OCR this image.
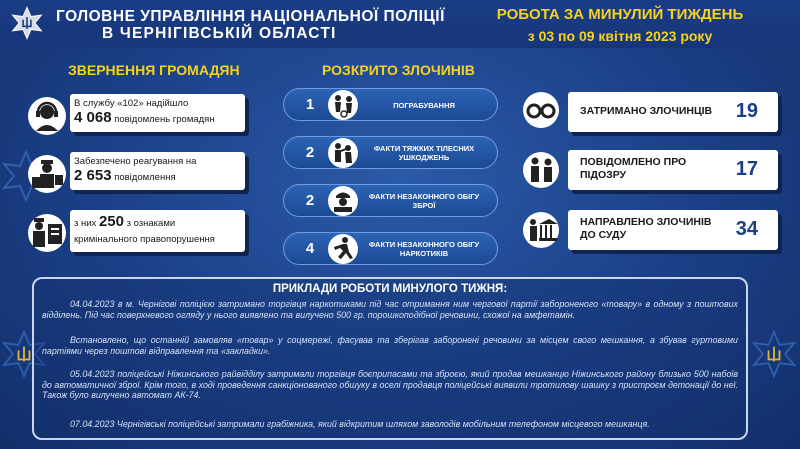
ГОЛОВНЕ УПРАВЛІННЯ НАЦІОНАЛЬНОЇ ПОЛІЦІЇ
В ЧЕРНІГІВСЬКІЙ ОБЛАСТІ
РОБОТА ЗА МИНУЛИЙ ТИЖДЕНЬ
з 03 по 09 квітня 2023 року
ЗВЕРНЕННЯ ГРОМАДЯН	РОЗКРИТО ЗЛОЧИНІВ
В службу «102» надійшло
4 068 повідомлень громадян
Забезпечено реагування на
2 653 повідомлення
з них 250 з ознаками
кримінального правопорушення
1	ПОГРАБУВАННЯ
2	ФАКТИ ТЯЖКИХ ТІЛЕСНИХ УШКОДЖЕНЬ
2	ФАКТИ НЕЗАКОННОГО ОБІГУ ЗБРОЇ
4	ФАКТИ НЕЗАКОННОГО ОБІГУ НАРКОТИКІВ
ЗАТРИМАНО ЗЛОЧИНЦІВ	19
ПОВІДОМЛЕНО ПРО ПІДОЗРУ	17
НАПРАВЛЕНО ЗЛОЧИНІВ ДО СУДУ	34
ПРИКЛАДИ РОБОТИ МИНУЛОГО ТИЖНЯ:
04.04.2023 в м. Чернігові поліцією затримано торгівця наркотиками під час отримання ним чергової партії забороненого «товару» в одному з поштових відділень. Під час поверхневого огляду у нього виявлено та вилучено 500 гр. порошкоподібної речовини, схожої на амфетамін.
Встановлено, що останній замовляв «товар» у соцмережі, фасував та зберігав заборонені речовини за місцем свого мешкання, а збував гуртовими партіями через поштові відправлення та «закладки».
05.04.2023 поліцейські Ніжинського райвідділу затримали торгівця боєприпасами та зброєю, який продав мешканцю Ніжинського району близько 500 набоїв до автоматичної зброї. Крім того, в ході проведення санкціонованого обшуку в оселі продавця поліцейські виявили тротилову шашку з пристроєм детонації до неї. Також було вилучено автомат АК-74.
07.04.2023 Чернігівські поліцейські затримали грабіжника, який відкритим шляхом заволодів мобільним телефоном місцевого мешканця.
